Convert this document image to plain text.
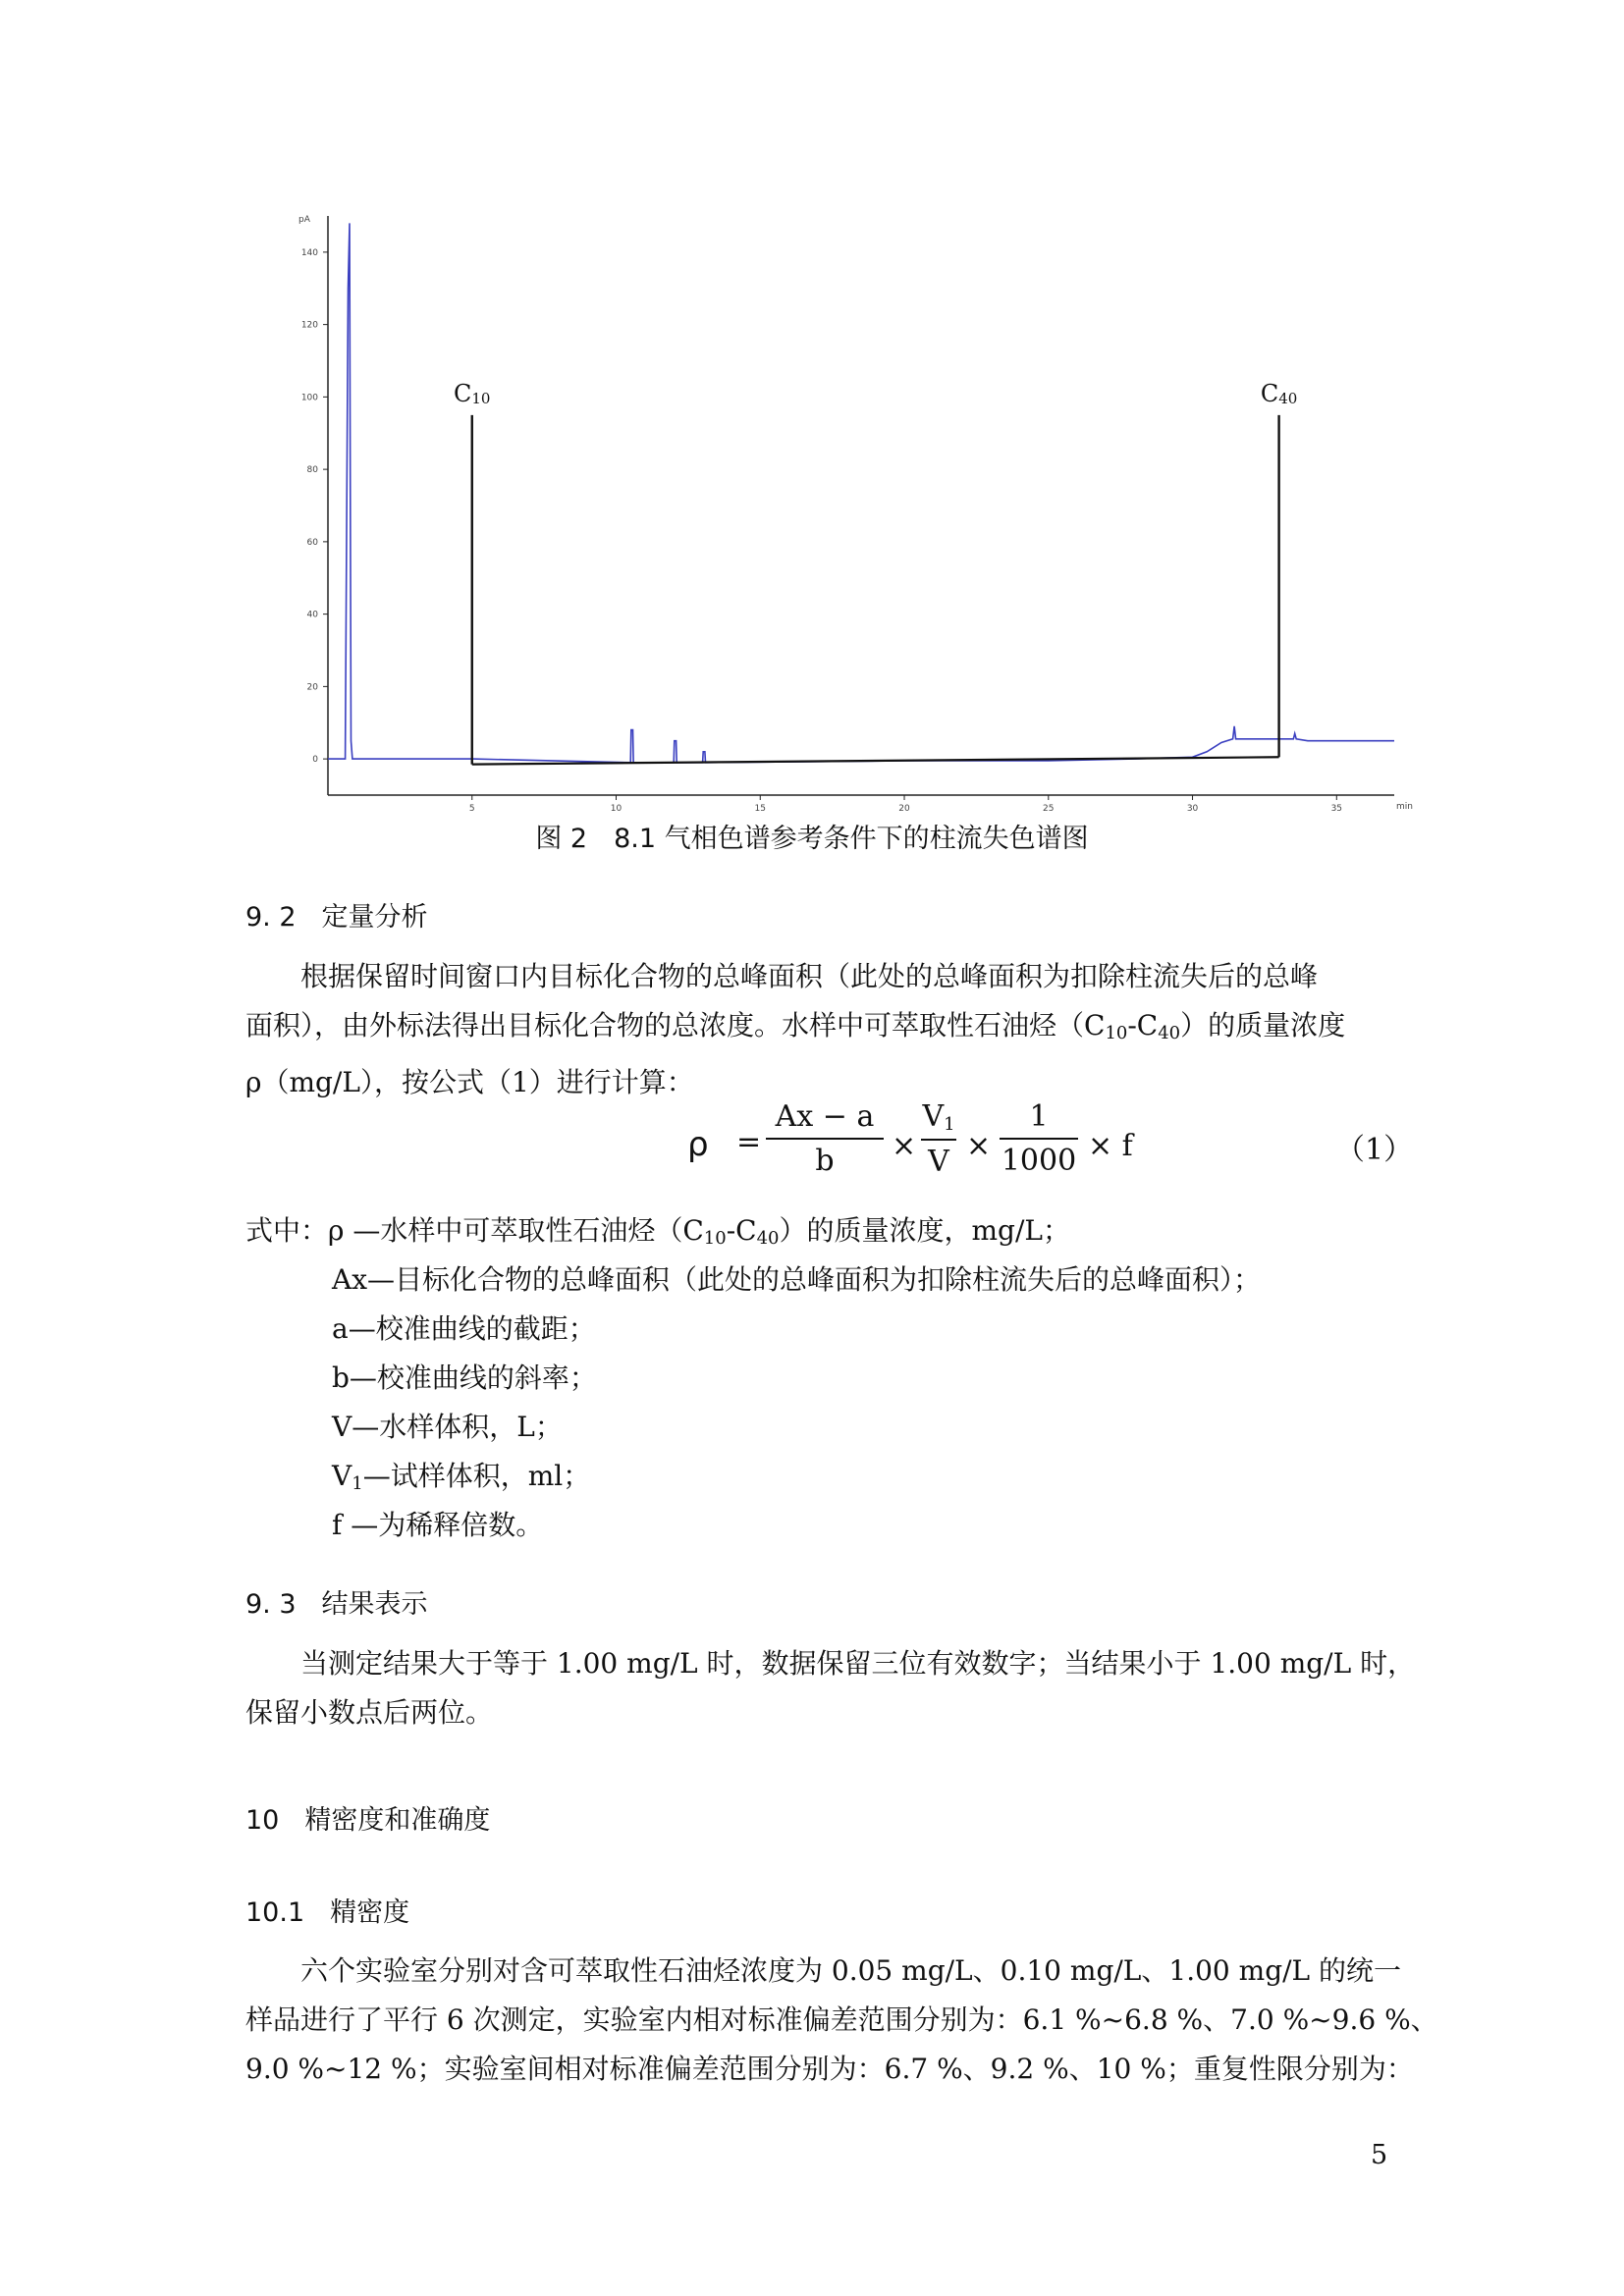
pA
min
0
20
40
60
80
100
120
140
5	10	15	20	25	30	35
C10	C40
图 2　8.1 气相色谱参考条件下的柱流失色谱图
9. 2 定量分析
根据保留时间窗口内目标化合物的总峰面积（此处的总峰面积为扣除柱流失后的总峰
面积），由外标法得出目标化合物的总浓度。水样中可萃取性石油烃$(C_{10}-C_{40})$的质量浓度
ρ（mg/L），按公式（1）进行计算：
ρ =
Ax − a
b	×
$V_1$
V ×
1
1000 × f	（1）
式中： ρ —水样中可萃取性石油烃$(C_{10}-C_{40})$的质量浓度，mg/L；
Ax—目标化合物的总峰面积（此处的总峰面积为扣除柱流失后的总峰面积）；
a—校准曲线的截距；
b—校准曲线的斜率；
V—水样体积，L；
$V_1—$试样体积，ml；
f —为稀释倍数。
9. 3 结果表示
当测定结果大于等于 1.00 mg/L 时，数据保留三位有效数字；当结果小于 1.00 mg/L 时，
保留小数点后两位。
10 精密度和准确度
10.1 精密度
六个实验室分别对含可萃取性石油烃浓度为 0.05 mg/L、0.10 mg/L、1.00 mg/L 的统一
样品进行了平行 6 次测定，实验室内相对标准偏差范围分别为：6.1 %~6.8 %、7.0 %~9.6 %、
9.0 %~12 %；实验室间相对标准偏差范围分别为：6.7 %、9.2 %、10 %；重复性限分别为：
5
